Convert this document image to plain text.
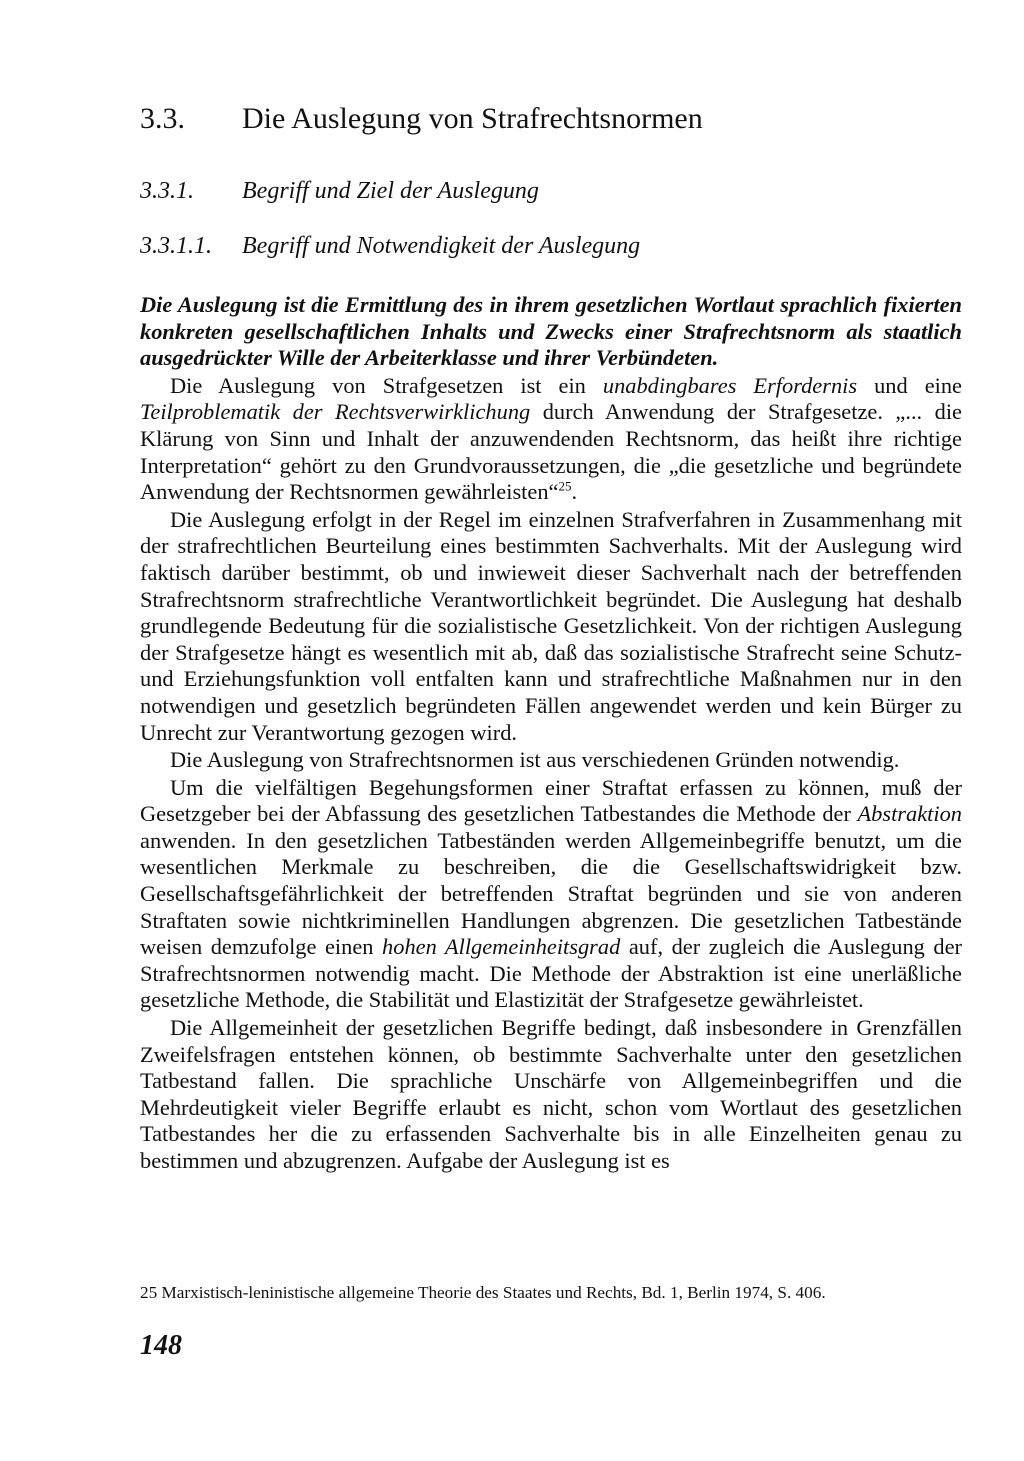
3.3. Die Auslegung von Strafrechtsnormen
3.3.1. Begriff und Ziel der Auslegung
3.3.1.1. Begriff und Notwendigkeit der Auslegung

Die Auslegung ist die Ermittlung des in ihrem gesetzlichen Wortlaut sprachlich fixierten konkreten gesellschaftlichen Inhalts und Zwecks einer Strafrechtsnorm als staatlich ausgedrückter Wille der Arbeiterklasse und ihrer Verbündeten.

Die Auslegung von Strafgesetzen ist ein unabdingbares Erfordernis und eine Teilproblematik der Rechtsverwirklichung durch Anwendung der Strafgesetze. „... die Klärung von Sinn und Inhalt der anzuwendenden Rechtsnorm, das heißt ihre richtige Interpretation“ gehört zu den Grundvoraussetzungen, die „die gesetzliche und begründete Anwendung der Rechtsnormen gewährleisten“$^{25}$.

Die Auslegung erfolgt in der Regel im einzelnen Strafverfahren in Zusammenhang mit der strafrechtlichen Beurteilung eines bestimmten Sachverhalts. Mit der Auslegung wird faktisch darüber bestimmt, ob und inwieweit dieser Sachverhalt nach der betreffenden Strafrechtsnorm strafrechtliche Verantwortlichkeit begründet. Die Auslegung hat deshalb grundlegende Bedeutung für die sozialistische Gesetzlichkeit. Von der richtigen Auslegung der Strafgesetze hängt es wesentlich mit ab, daß das sozialistische Strafrecht seine Schutz- und Erziehungsfunktion voll entfalten kann und strafrechtliche Maßnahmen nur in den notwendigen und gesetzlich begründeten Fällen angewendet werden und kein Bürger zu Unrecht zur Verantwortung gezogen wird.

Die Auslegung von Strafrechtsnormen ist aus verschiedenen Gründen notwendig.

Um die vielfältigen Begehungsformen einer Straftat erfassen zu können, muß der Gesetzgeber bei der Abfassung des gesetzlichen Tatbestandes die Methode der Abstraktion anwenden. In den gesetzlichen Tatbeständen werden Allgemeinbegriffe benutzt, um die wesentlichen Merkmale zu beschreiben, die die Gesellschaftswidrigkeit bzw. Gesellschaftsgefährlichkeit der betreffenden Straftat begründen und sie von anderen Straftaten sowie nichtkriminellen Handlungen abgrenzen. Die gesetzlichen Tatbestände weisen demzufolge einen hohen Allgemeinheitsgrad auf, der zugleich die Auslegung der Strafrechtsnormen notwendig macht. Die Methode der Abstraktion ist eine unerläßliche gesetzliche Methode, die Stabilität und Elastizität der Strafgesetze gewährleistet.

Die Allgemeinheit der gesetzlichen Begriffe bedingt, daß insbesondere in Grenzfällen Zweifelsfragen entstehen können, ob bestimmte Sachverhalte unter den gesetzlichen Tatbestand fallen. Die sprachliche Unschärfe von Allgemeinbegriffen und die Mehrdeutigkeit vieler Begriffe erlaubt es nicht, schon vom Wortlaut des gesetzlichen Tatbestandes her die zu erfassenden Sachverhalte bis in alle Einzelheiten genau zu bestimmen und abzugrenzen. Aufgabe der Auslegung ist es

25 Marxistisch-leninistische allgemeine Theorie des Staates und Rechts, Bd. 1, Berlin 1974, S. 406.
148
